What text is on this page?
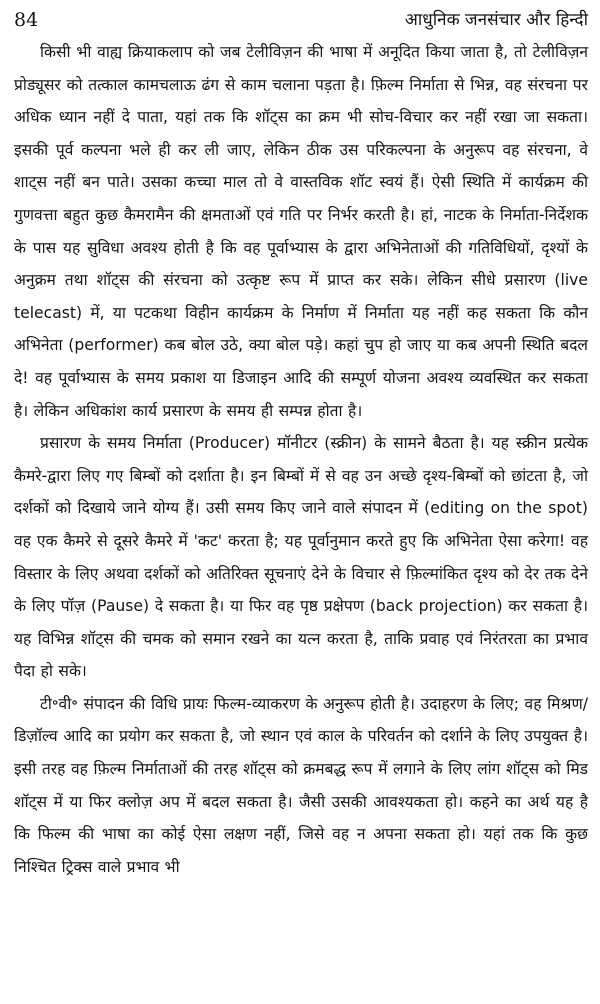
84	आधुनिक जनसंचार और हिन्दी

किसी भी वाह्य क्रियाकलाप को जब टेलीविज़न की भाषा में अनूदित किया जाता है, तो टेलीविज़न प्रोड्यूसर को तत्काल कामचलाऊ ढंग से काम चलाना पड़ता है। फ़िल्म निर्माता से भिन्न, वह संरचना पर अधिक ध्यान नहीं दे पाता, यहां तक कि शॉट्स का क्रम भी सोच-विचार कर नहीं रखा जा सकता। इसकी पूर्व कल्पना भले ही कर ली जाए, लेकिन ठीक उस परिकल्पना के अनुरूप वह संरचना, वे शाट्स नहीं बन पाते। उसका कच्चा माल तो वे वास्तविक शॉट स्वयं हैं। ऐसी स्थिति में कार्यक्रम की गुणवत्ता बहुत कुछ कैमरामैन की क्षमताओं एवं गति पर निर्भर करती है। हां, नाटक के निर्माता-निर्देशक के पास यह सुविधा अवश्य होती है कि वह पूर्वाभ्यास के द्वारा अभिनेताओं की गतिविधियों, दृश्यों के अनुक्रम तथा शॉट्स की संरचना को उत्कृष्ट रूप में प्राप्त कर सके। लेकिन सीधे प्रसारण (live telecast) में, या पटकथा विहीन कार्यक्रम के निर्माण में निर्माता यह नहीं कह सकता कि कौन अभिनेता (performer) कब बोल उठे, क्या बोल पड़े। कहां चुप हो जाए या कब अपनी स्थिति बदल दे! वह पूर्वाभ्यास के समय प्रकाश या डिजाइन आदि की सम्पूर्ण योजना अवश्य व्यवस्थित कर सकता है। लेकिन अधिकांश कार्य प्रसारण के समय ही सम्पन्न होता है।

प्रसारण के समय निर्माता (Producer) मॉनीटर (स्क्रीन) के सामने बैठता है। यह स्क्रीन प्रत्येक कैमरे-द्वारा लिए गए बिम्बों को दर्शाता है। इन बिम्बों में से वह उन अच्छे दृश्य-बिम्बों को छांटता है, जो दर्शकों को दिखाये जाने योग्य हैं। उसी समय किए जाने वाले संपादन में (editing on the spot) वह एक कैमरे से दूसरे कैमरे में 'कट' करता है; यह पूर्वानुमान करते हुए कि अभिनेता ऐसा करेगा! वह विस्तार के लिए अथवा दर्शकों को अतिरिक्त सूचनाएं देने के विचार से फ़िल्मांकित दृश्य को देर तक देने के लिए पॉज़ (Pause) दे सकता है। या फिर वह पृष्ठ प्रक्षेपण (back projection) कर सकता है। यह विभिन्न शॉट्स की चमक को समान रखने का यत्न करता है, ताकि प्रवाह एवं निरंतरता का प्रभाव पैदा हो सके।

टी॰वी॰ संपादन की विधि प्रायः फिल्म-व्याकरण के अनुरूप होती है। उदाहरण के लिए; वह मिश्रण/डिज़ॉल्व आदि का प्रयोग कर सकता है, जो स्थान एवं काल के परिवर्तन को दर्शाने के लिए उपयुक्त है। इसी तरह वह फ़िल्म निर्माताओं की तरह शॉट्स को क्रमबद्ध रूप में लगाने के लिए लांग शॉट्स को मिड शॉट्स में या फिर क्लोज़ अप में बदल सकता है। जैसी उसकी आवश्यकता हो। कहने का अर्थ यह है कि फिल्म की भाषा का कोई ऐसा लक्षण नहीं, जिसे वह न अपना सकता हो। यहां तक कि कुछ निश्चित ट्रिक्स वाले प्रभाव भी
